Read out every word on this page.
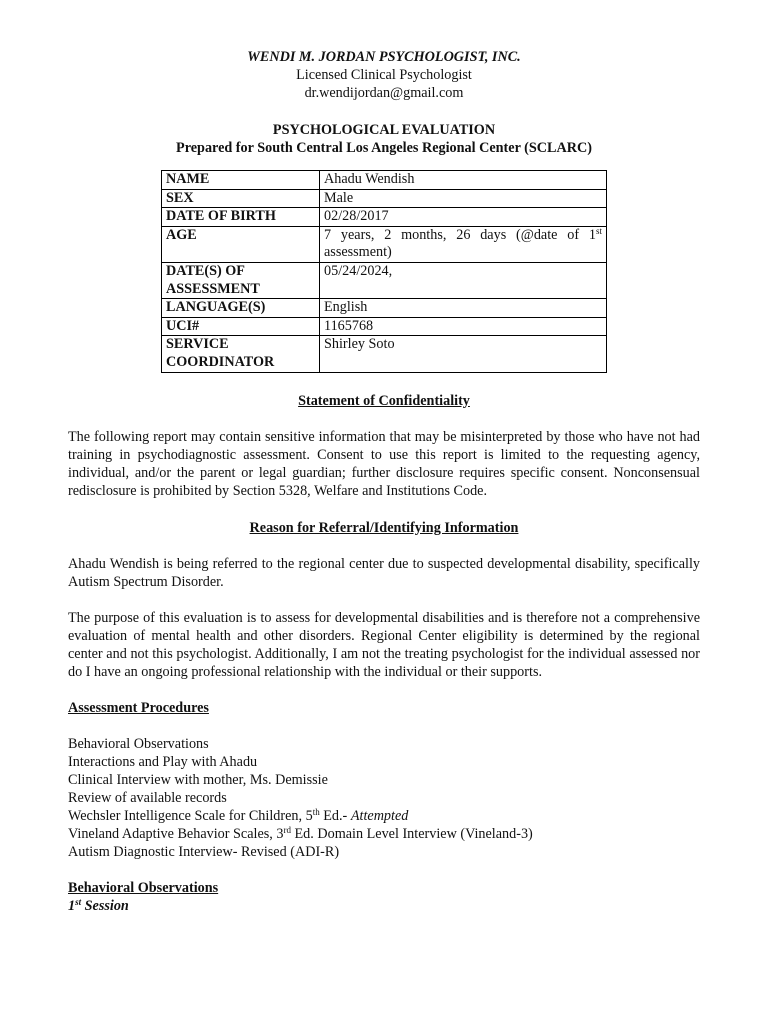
WENDI M. JORDAN PSYCHOLOGIST, INC.
Licensed Clinical Psychologist
dr.wendijordan@gmail.com
PSYCHOLOGICAL EVALUATION
Prepared for South Central Los Angeles Regional Center (SCLARC)
NAME	Ahadu Wendish
SEX	Male
DATE OF BIRTH	02/28/2017
AGE	7 years, 2 months, 26 days (@date of 1st assessment)
DATE(S) OF ASSESSMENT	05/24/2024,
LANGUAGE(S)	English
UCI#	1165768
SERVICE COORDINATOR	Shirley Soto
Statement of Confidentiality

The following report may contain sensitive information that may be misinterpreted by those who have not had training in psychodiagnostic assessment. Consent to use this report is limited to the requesting agency, individual, and/or the parent or legal guardian; further disclosure requires specific consent. Nonconsensual redisclosure is prohibited by Section 5328, Welfare and Institutions Code.

Reason for Referral/Identifying Information

Ahadu Wendish is being referred to the regional center due to suspected developmental disability, specifically Autism Spectrum Disorder.

The purpose of this evaluation is to assess for developmental disabilities and is therefore not a comprehensive evaluation of mental health and other disorders. Regional Center eligibility is determined by the regional center and not this psychologist. Additionally, I am not the treating psychologist for the individual assessed nor do I have an ongoing professional relationship with the individual or their supports.

Assessment Procedures
Behavioral Observations
Interactions and Play with Ahadu
Clinical Interview with mother, Ms. Demissie
Review of available records
Wechsler Intelligence Scale for Children, 5th Ed.- Attempted
Vineland Adaptive Behavior Scales, 3rd Ed. Domain Level Interview (Vineland-3)
Autism Diagnostic Interview- Revised (ADI-R)
Behavioral Observations
1st Session
